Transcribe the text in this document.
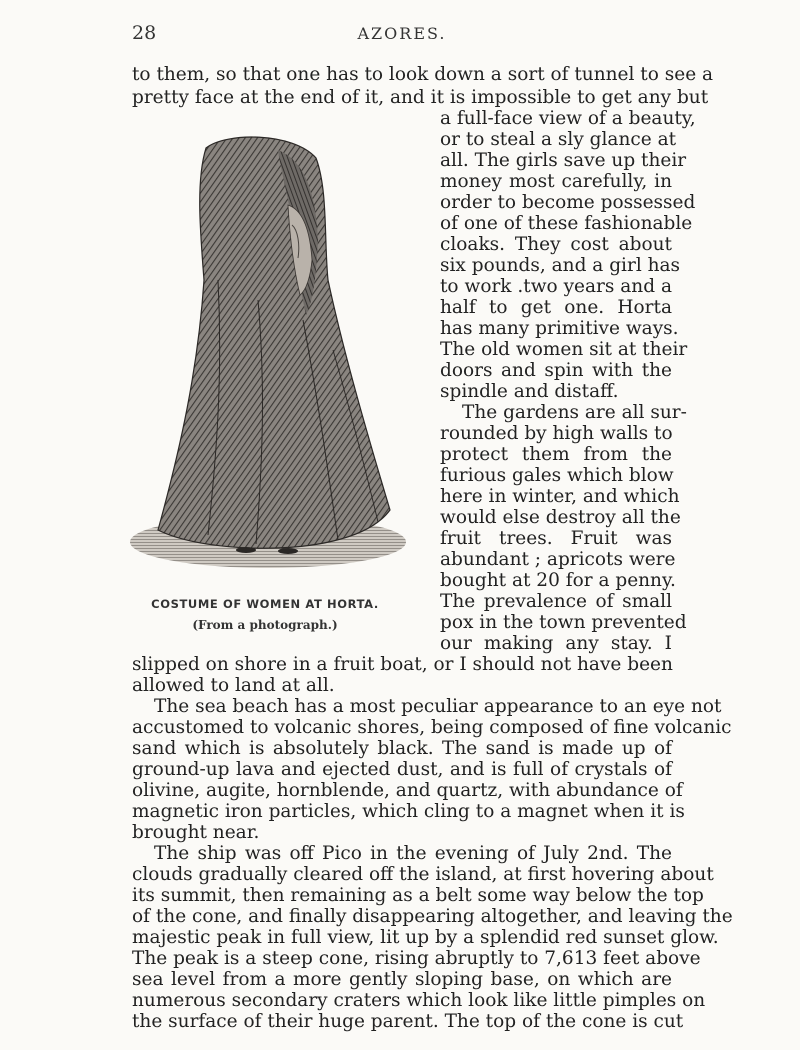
28	AZORES.
COSTUME OF WOMEN AT HORTA.
(From a photograph.)
to them, so that one has to look down a sort of tunnel to see a
pretty face at the end of it, and it is impossible to get any but
a full-face view of a beauty,
or to steal a sly glance at
all. The girls save up their
money most carefully, in
order to become possessed
of one of these fashionable
cloaks. They cost about
six pounds, and a girl has
to work .two years and a
half to get one. Horta
has many primitive ways.
The old women sit at their
doors and spin with the
spindle and distaff.
The gardens are all sur-
rounded by high walls to
protect them from the
furious gales which blow
here in winter, and which
would else destroy all the
fruit trees. Fruit was
abundant ; apricots were
bought at 20 for a penny.
The prevalence of small
pox in the town prevented
our making any stay. I
slipped on shore in a fruit boat, or I should not have been
allowed to land at all.
The sea beach has a most peculiar appearance to an eye not
accustomed to volcanic shores, being composed of fine volcanic
sand which is absolutely black. The sand is made up of
ground-up lava and ejected dust, and is full of crystals of
olivine, augite, hornblende, and quartz, with abundance of
magnetic iron particles, which cling to a magnet when it is
brought near.
The ship was off Pico in the evening of July 2nd. The
clouds gradually cleared off the island, at first hovering about
its summit, then remaining as a belt some way below the top
of the cone, and finally disappearing altogether, and leaving the
majestic peak in full view, lit up by a splendid red sunset glow.
The peak is a steep cone, rising abruptly to 7,613 feet above
sea level from a more gently sloping base, on which are
numerous secondary craters which look like little pimples on
the surface of their huge parent. The top of the cone is cut
